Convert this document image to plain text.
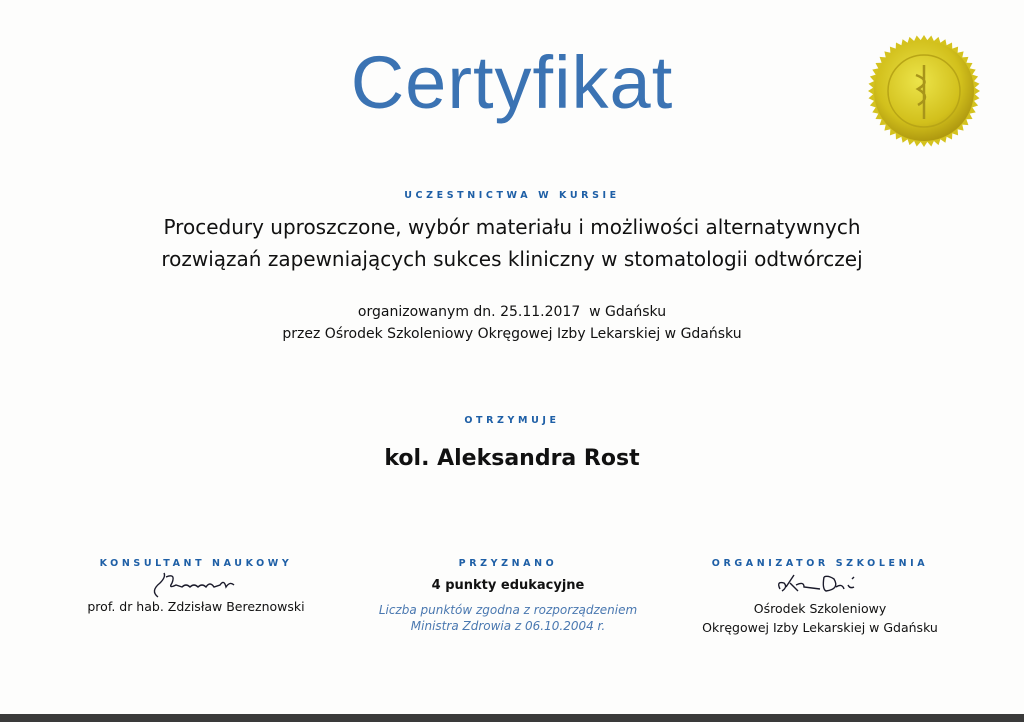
Certyfikat
UCZESTNICTWA W KURSIE
Procedury uproszczone, wybór materiału i możliwości alternatywnych
rozwiązań zapewniających sukces kliniczny w stomatologii odtwórczej
organizowanym dn. 25.11.2017  w Gdańsku
przez Ośrodek Szkoleniowy Okręgowej Izby Lekarskiej w Gdańsku
OTRZYMUJE
kol. Aleksandra Rost
KONSULTANT NAUKOWY
prof. dr hab. Zdzisław Bereznowski
PRZYZNANO
4 punkty edukacyjne
Liczba punktów zgodna z rozporządzeniem
Ministra Zdrowia z 06.10.2004 r.
ORGANIZATOR SZKOLENIA
Ośrodek Szkoleniowy
Okręgowej Izby Lekarskiej w Gdańsku
